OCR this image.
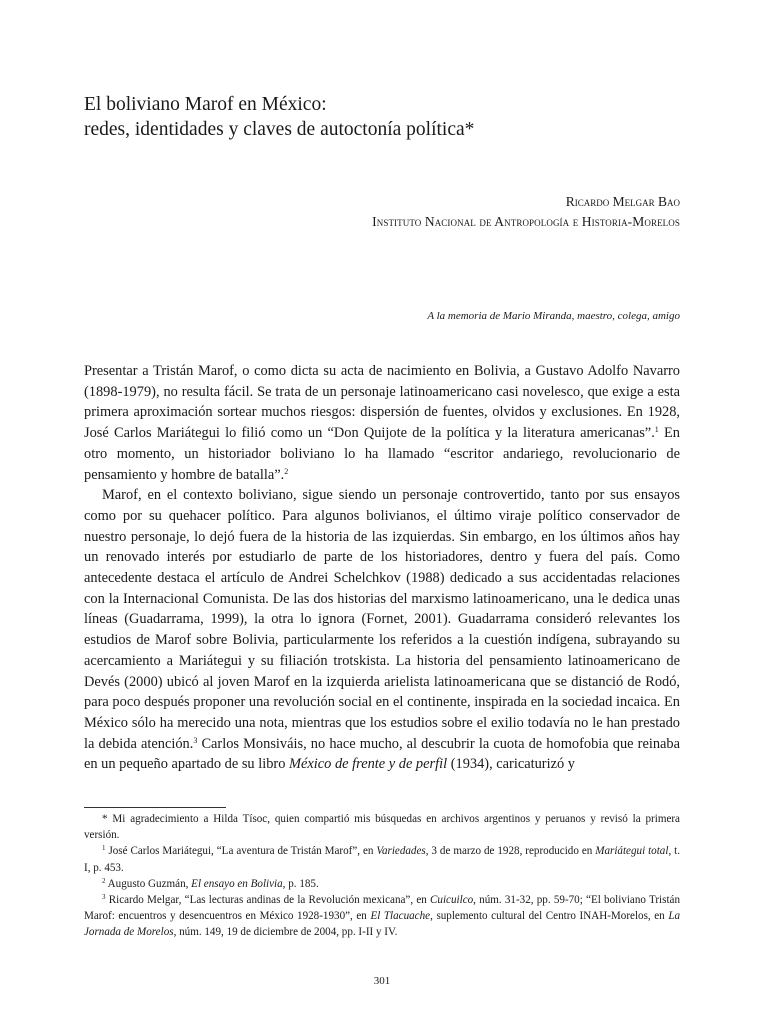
El boliviano Marof en México:
redes, identidades y claves de autoctonía política*
Ricardo Melgar Bao
Instituto Nacional de Antropología e Historia-Morelos
A la memoria de Mario Miranda, maestro, colega, amigo

Presentar a Tristán Marof, o como dicta su acta de nacimiento en Bolivia, a Gustavo Adolfo Navarro (1898-1979), no resulta fácil. Se trata de un personaje latinoamericano casi novelesco, que exige a esta primera aproximación sortear muchos riesgos: dispersión de fuentes, olvidos y exclusiones. En 1928, José Carlos Mariátegui lo filió como un “Don Quijote de la política y la literatura americanas”.$^1$ En otro momento, un historiador boliviano lo ha llamado “escritor andariego, revolucionario de pensamiento y hombre de batalla”.$^2$

Marof, en el contexto boliviano, sigue siendo un personaje controvertido, tanto por sus ensayos como por su quehacer político. Para algunos bolivianos, el último viraje político conservador de nuestro personaje, lo dejó fuera de la historia de las izquierdas. Sin embargo, en los últimos años hay un renovado interés por estudiarlo de parte de los historiadores, dentro y fuera del país. Como antecedente destaca el artículo de Andrei Schelchkov (1988) dedicado a sus accidentadas relaciones con la Internacional Comunista. De las dos historias del marxismo latinoamericano, una le dedica unas líneas (Guadarrama, 1999), la otra lo ignora (Fornet, 2001). Guadarrama consideró relevantes los estudios de Marof sobre Bolivia, particularmente los referidos a la cuestión indígena, subrayando su acercamiento a Mariátegui y su filiación trotskista. La historia del pensamiento latinoamericano de Devés (2000) ubicó al joven Marof en la izquierda arielista latinoamericana que se distanció de Rodó, para poco después proponer una revolución social en el continente, inspirada en la sociedad incaica. En México sólo ha merecido una nota, mientras que los estudios sobre el exilio todavía no le han prestado la debida atención.$^3$ Carlos Monsiváis, no hace mucho, al descubrir la cuota de homofobia que reinaba en un pequeño apartado de su libro México de frente y de perfil (1934), caricaturizó y

* Mi agradecimiento a Hilda Tísoc, quien compartió mis búsquedas en archivos argentinos y peruanos y revisó la primera versión.

$^1$ José Carlos Mariátegui, “La aventura de Tristán Marof”, en Variedades, 3 de marzo de 1928, reproducido en Mariátegui total, t. I, p. 453.

$^2$ Augusto Guzmán, El ensayo en Bolivia, p. 185.

$^3$ Ricardo Melgar, “Las lecturas andinas de la Revolución mexicana”, en Cuicuilco, núm. 31-32, pp. 59-70; “El boliviano Tristán Marof: encuentros y desencuentros en México 1928-1930”, en El Tlacuache, suplemento cultural del Centro INAH-Morelos, en La Jornada de Morelos, núm. 149, 19 de diciembre de 2004, pp. I-II y IV.

301
